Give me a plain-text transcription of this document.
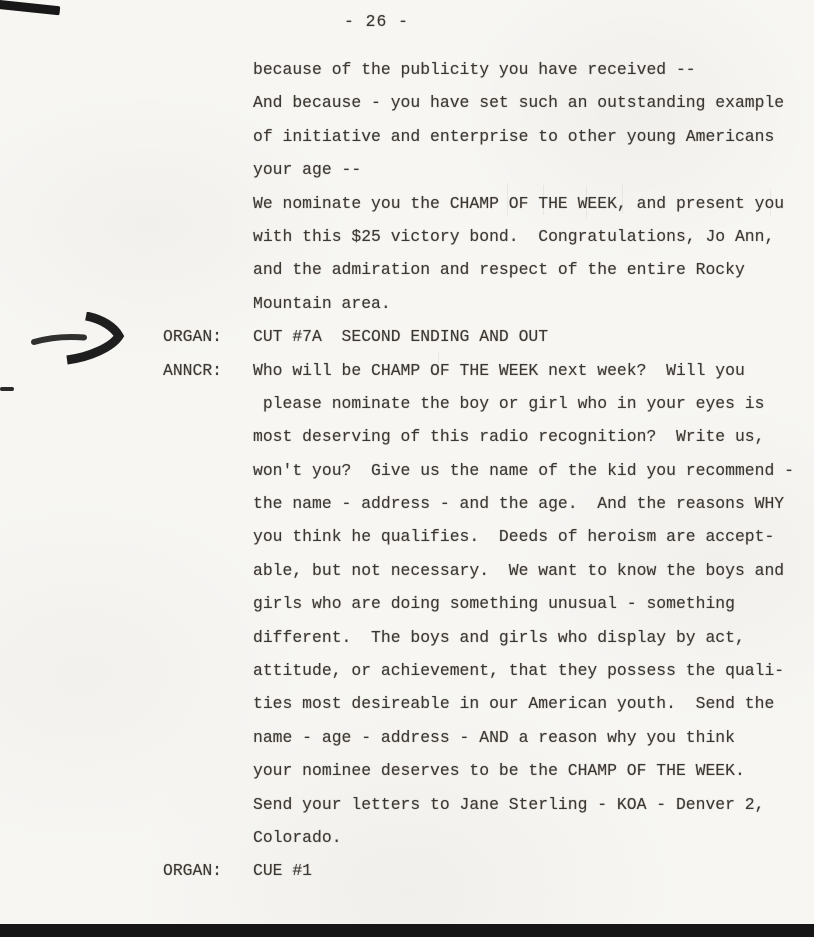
- 26 -
because of the publicity you have received --
And because - you have set such an outstanding example
of initiative and enterprise to other young Americans
your age --
We nominate you the CHAMP OF THE WEEK, and present you
with this $25 victory bond.  Congratulations, Jo Ann,
and the admiration and respect of the entire Rocky
Mountain area.
ORGAN: CUT #7A  SECOND ENDING AND OUT
ANNCR: Who will be CHAMP OF THE WEEK next week?  Will you
please nominate the boy or girl who in your eyes is
most deserving of this radio recognition?  Write us,
won't you?  Give us the name of the kid you recommend -
the name - address - and the age.  And the reasons WHY
you think he qualifies.  Deeds of heroism are accept-
able, but not necessary.  We want to know the boys and
girls who are doing something unusual - something
different.  The boys and girls who display by act,
attitude, or achievement, that they possess the quali-
ties most desireable in our American youth.  Send the
name - age - address - AND a reason why you think
your nominee deserves to be the CHAMP OF THE WEEK.
Send your letters to Jane Sterling - KOA - Denver 2,
Colorado.
ORGAN: CUE #1
